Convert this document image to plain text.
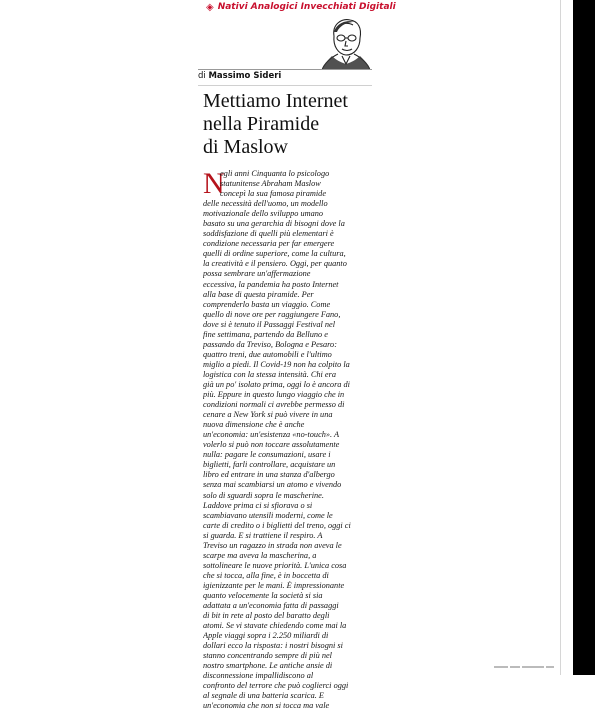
◈ Nativi Analogici Invecchiati Digitali
di Massimo Sideri
Mettiamo Internet
nella Piramide
di Maslow
N
egli anni Cinquanta lo psicologo
statunitense Abraham Maslow
concepì la sua famosa piramide
delle necessità dell'uomo, un modello
motivazionale dello sviluppo umano
basato su una gerarchia di bisogni dove la
soddisfazione di quelli più elementari è
condizione necessaria per far emergere
quelli di ordine superiore, come la cultura,
la creatività e il pensiero. Oggi, per quanto
possa sembrare un'affermazione
eccessiva, la pandemia ha posto Internet
alla base di questa piramide. Per
comprenderlo basta un viaggio. Come
quello di nove ore per raggiungere Fano,
dove si è tenuto il Passaggi Festival nel
fine settimana, partendo da Belluno e
passando da Treviso, Bologna e Pesaro:
quattro treni, due automobili e l'ultimo
miglio a piedi. Il Covid-19 non ha colpito la
logistica con la stessa intensità. Chi era
già un po' isolato prima, oggi lo è ancora di
più. Eppure in questo lungo viaggio che in
condizioni normali ci avrebbe permesso di
cenare a New York si può vivere in una
nuova dimensione che è anche
un'economia: un'esistenza «no-touch». A
volerlo si può non toccare assolutamente
nulla: pagare le consumazioni, usare i
biglietti, farli controllare, acquistare un
libro ed entrare in una stanza d'albergo
senza mai scambiarsi un atomo e vivendo
solo di sguardi sopra le mascherine.
Laddove prima ci si sfiorava o si
scambiavano utensili moderni, come le
carte di credito o i biglietti del treno, oggi ci
si guarda. E si trattiene il respiro. A
Treviso un ragazzo in strada non aveva le
scarpe ma aveva la mascherina, a
sottolineare le nuove priorità. L'unica cosa
che si tocca, alla fine, è in boccetta di
igienizzante per le mani. È impressionante
quanto velocemente la società si sia
adattata a un'economia fatta di passaggi
di bit in rete al posto del baratto degli
atomi. Se vi stavate chiedendo come mai la
Apple viaggi sopra i 2.250 miliardi di
dollari ecco la risposta: i nostri bisogni si
stanno concentrando sempre di più nel
nostro smartphone. Le antiche ansie di
disconnessione impallidiscono al
confronto del terrore che può coglierci oggi
al segnale di una batteria scarica. E
un'economia che non si tocca ma vale
